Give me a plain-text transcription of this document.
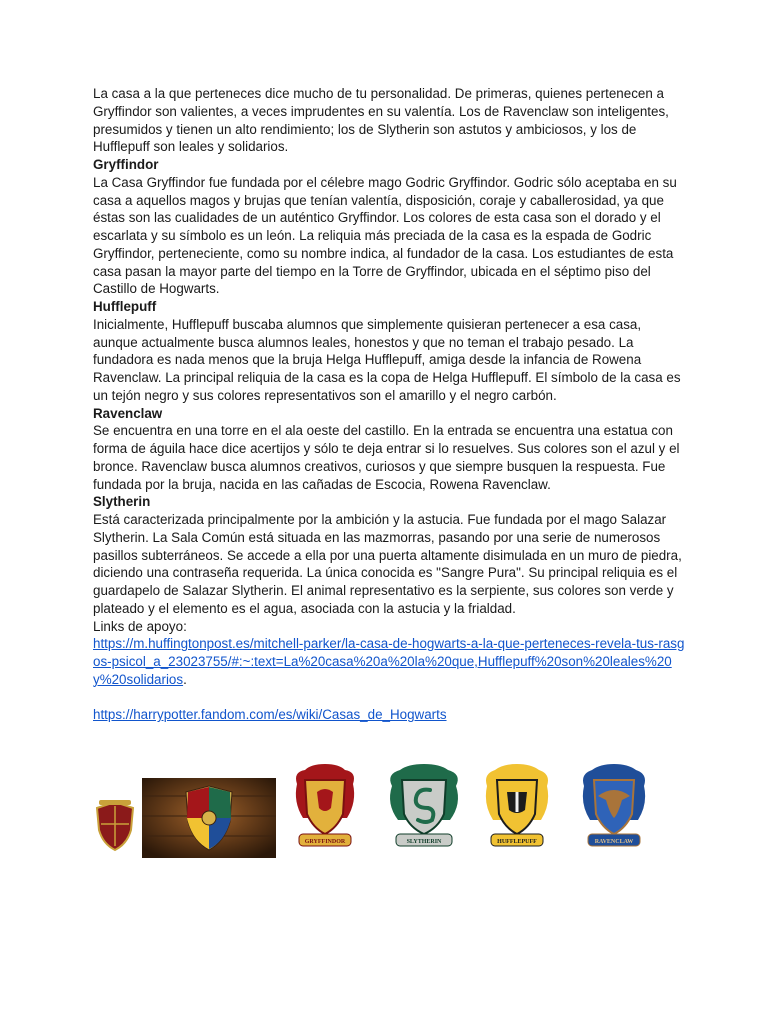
La casa a la que perteneces dice mucho de tu personalidad. De primeras, quienes pertenecen a Gryffindor son valientes, a veces imprudentes en su valentía. Los de Ravenclaw son inteligentes, presumidos y tienen un alto rendimiento; los de Slytherin son astutos y ambiciosos, y los de Hufflepuff son leales y solidarios.

Gryffindor

La Casa Gryffindor fue fundada por el célebre mago Godric Gryffindor. Godric sólo aceptaba en su casa a aquellos magos y brujas que tenían valentía, disposición, coraje y caballerosidad, ya que éstas son las cualidades de un auténtico Gryffindor. Los colores de esta casa son el dorado y el escarlata y su símbolo es un león. La reliquia más preciada de la casa es la espada de Godric Gryffindor, perteneciente, como su nombre indica, al fundador de la casa. Los estudiantes de esta casa pasan la mayor parte del tiempo en la Torre de Gryffindor, ubicada en el séptimo piso del Castillo de Hogwarts.

Hufflepuff

Inicialmente, Hufflepuff buscaba alumnos que simplemente quisieran pertenecer a esa casa, aunque actualmente busca alumnos leales, honestos y que no teman el trabajo pesado. La fundadora es nada menos que la bruja Helga Hufflepuff, amiga desde la infancia de Rowena Ravenclaw. La principal reliquia de la casa es la copa de Helga Hufflepuff. El símbolo de la casa es un tejón negro y sus colores representativos son el amarillo y el negro carbón.

Ravenclaw

Se encuentra en una torre en el ala oeste del castillo. En la entrada se encuentra una estatua con forma de águila hace dice acertijos y sólo te deja entrar si lo resuelves. Sus colores son el azul y el bronce. Ravenclaw busca alumnos creativos, curiosos y que siempre busquen la respuesta. Fue fundada por la bruja, nacida en las cañadas de Escocia, Rowena Ravenclaw.

Slytherin

Está caracterizada principalmente por la ambición y la astucia. Fue fundada por el mago Salazar Slytherin. La Sala Común está situada en las mazmorras, pasando por una serie de numerosos pasillos subterráneos. Se accede a ella por una puerta altamente disimulada en un muro de piedra, diciendo una contraseña requerida. La única conocida es "Sangre Pura". Su principal reliquia es el guardapelo de Salazar Slytherin. El animal representativo es la serpiente, sus colores son verde y plateado y el elemento es el agua, asociada con la astucia y la frialdad.

Links de apoyo:

https://m.huffingtonpost.es/mitchell-parker/la-casa-de-hogwarts-a-la-que-perteneces-revela-tus-rasgos-psicol_a_23023755/#:~:text=La%20casa%20a%20la%20que,Hufflepuff%20son%20leales%20y%20solidarios.

https://harrypotter.fandom.com/es/wiki/Casas_de_Hogwarts

GRYFFINDOR	SLYTHERIN	HUFFLEPUFF	RAVENCLAW
